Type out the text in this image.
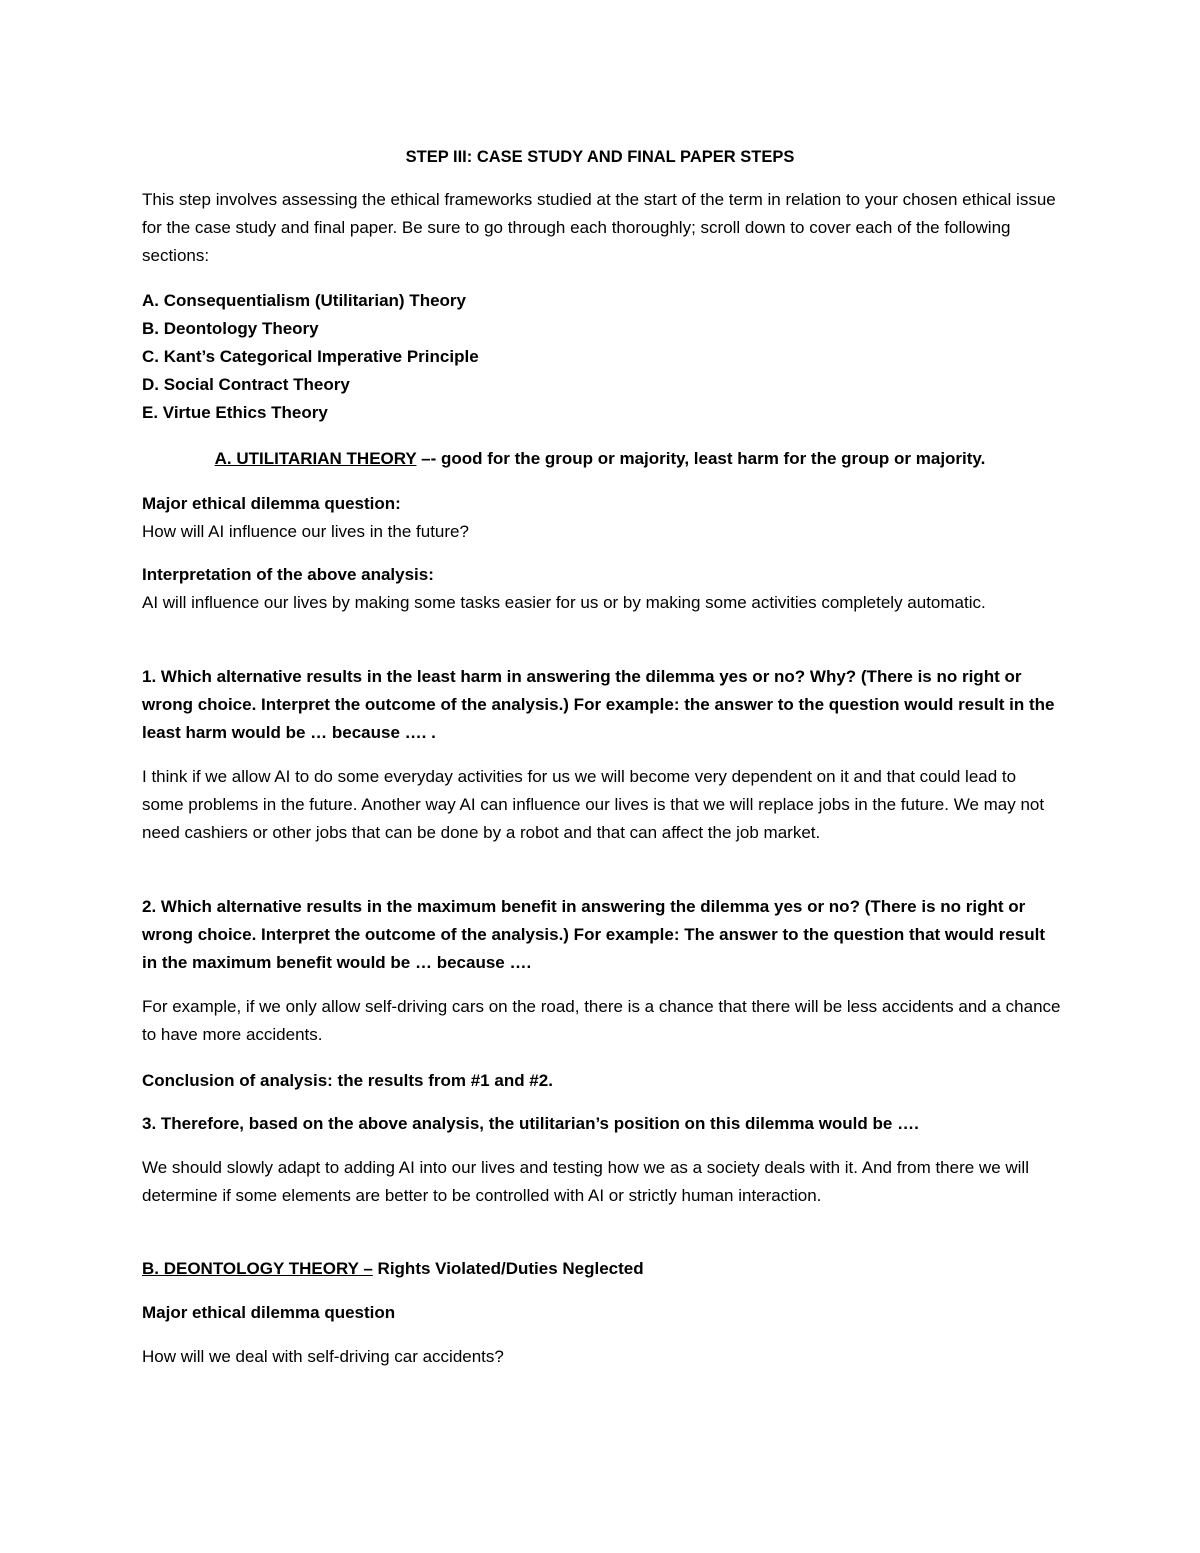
STEP III: CASE STUDY AND FINAL PAPER STEPS

This step involves assessing the ethical frameworks studied at the start of the term in relation to your chosen ethical issue for the case study and final paper. Be sure to go through each thoroughly; scroll down to cover each of the following sections:

A. Consequentialism (Utilitarian) Theory
B. Deontology Theory
C. Kant’s Categorical Imperative Principle
D. Social Contract Theory
E. Virtue Ethics Theory

A. UTILITARIAN THEORY –- good for the group or majority, least harm for the group or majority.

Major ethical dilemma question:

How will AI influence our lives in the future?

Interpretation of the above analysis:

AI will influence our lives by making some tasks easier for us or by making some activities completely automatic.

1. Which alternative results in the least harm in answering the dilemma yes or no? Why? (There is no right or wrong choice. Interpret the outcome of the analysis.) For example: the answer to the question would result in the least harm would be … because …. .

I think if we allow AI to do some everyday activities for us we will become very dependent on it and that could lead to some problems in the future. Another way AI can influence our lives is that we will replace jobs in the future. We may not need cashiers or other jobs that can be done by a robot and that can affect the job market.

2. Which alternative results in the maximum benefit in answering the dilemma yes or no? (There is no right or wrong choice. Interpret the outcome of the analysis.) For example: The answer to the question that would result in the maximum benefit would be … because ….

For example, if we only allow self-driving cars on the road, there is a chance that there will be less accidents and a chance to have more accidents.

Conclusion of analysis: the results from #1 and #2.

3. Therefore, based on the above analysis, the utilitarian’s position on this dilemma would be ….

We should slowly adapt to adding AI into our lives and testing how we as a society deals with it. And from there we will determine if some elements are better to be controlled with AI or strictly human interaction.

B. DEONTOLOGY THEORY – Rights Violated/Duties Neglected

Major ethical dilemma question

How will we deal with self-driving car accidents?
